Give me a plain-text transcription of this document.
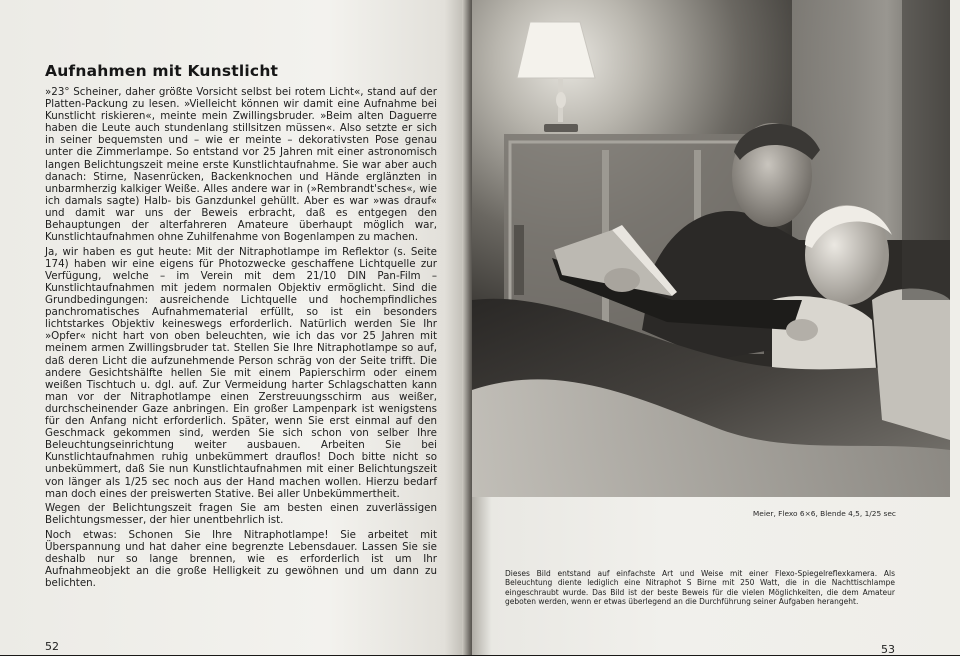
Aufnahmen mit Kunstlicht

»23° Scheiner, daher größte Vorsicht selbst bei rotem Licht«, stand auf der Platten-Packung zu lesen. »Vielleicht können wir damit eine Aufnahme bei Kunstlicht riskieren«, meinte mein Zwillingsbruder. »Beim alten Daguerre haben die Leute auch stundenlang stillsitzen müssen«. Also setzte er sich in seiner bequemsten und – wie er meinte – dekorativsten Pose genau unter die Zimmerlampe. So entstand vor 25 Jahren mit einer astronomisch langen Belichtungszeit meine erste Kunstlichtaufnahme. Sie war aber auch danach: Stirne, Nasenrücken, Backenknochen und Hände erglänzten in unbarmherzig kalkiger Weiße. Alles andere war in (»Rembrandt'sches«, wie ich damals sagte) Halb- bis Ganzdunkel gehüllt. Aber es war »was drauf« und damit war uns der Beweis erbracht, daß es entgegen den Behauptungen der alterfahreren Amateure überhaupt möglich war, Kunstlichtaufnahmen ohne Zuhilfenahme von Bogenlampen zu machen.

Ja, wir haben es gut heute: Mit der Nitraphotlampe im Reflektor (s. Seite 174) haben wir eine eigens für Photozwecke geschaffene Lichtquelle zur Verfügung, welche – im Verein mit dem 21/10 DIN Pan-Film – Kunstlichtaufnahmen mit jedem normalen Objektiv ermöglicht. Sind die Grundbedingungen: ausreichende Lichtquelle und hochempfindliches panchromatisches Aufnahmematerial erfüllt, so ist ein besonders lichtstarkes Objektiv keineswegs erforderlich. Natürlich werden Sie Ihr »Opfer« nicht hart von oben beleuchten, wie ich das vor 25 Jahren mit meinem armen Zwillingsbruder tat. Stellen Sie Ihre Nitraphotlampe so auf, daß deren Licht die aufzunehmende Person schräg von der Seite trifft. Die andere Gesichtshälfte hellen Sie mit einem Papierschirm oder einem weißen Tischtuch u. dgl. auf. Zur Vermeidung harter Schlagschatten kann man vor der Nitraphotlampe einen Zerstreuungsschirm aus weißer, durchscheinender Gaze anbringen. Ein großer Lampenpark ist wenigstens für den Anfang nicht erforderlich. Später, wenn Sie erst einmal auf den Geschmack gekommen sind, werden Sie sich schon von selber Ihre Beleuchtungseinrichtung weiter ausbauen. Arbeiten Sie bei Kunstlichtaufnahmen ruhig unbekümmert drauflos! Doch bitte nicht so unbekümmert, daß Sie nun Kunstlichtaufnahmen mit einer Belichtungszeit von länger als 1/25 sec noch aus der Hand machen wollen. Hierzu bedarf man doch eines der preiswerten Stative. Bei aller Unbekümmertheit.

Wegen der Belichtungszeit fragen Sie am besten einen zuverlässigen Belichtungsmesser, der hier unentbehrlich ist.

Noch etwas: Schonen Sie Ihre Nitraphotlampe! Sie arbeitet mit Überspannung und hat daher eine begrenzte Lebensdauer. Lassen Sie sie deshalb nur so lange brennen, wie es erforderlich ist um Ihr Aufnahmeobjekt an die große Helligkeit zu gewöhnen und um dann zu belichten.

52
Meier, Flexo 6×6, Blende 4,5, 1/25 sec
Dieses Bild entstand auf einfachste Art und Weise mit einer Flexo-Spiegelreflexkamera. Als Beleuchtung diente lediglich eine Nitraphot S Birne mit 250 Watt, die in die Nachttischlampe eingeschraubt wurde. Das Bild ist der beste Beweis für die vielen Möglichkeiten, die dem Amateur geboten werden, wenn er etwas überlegend an die Durchführung seiner Aufgaben herangeht.
53
